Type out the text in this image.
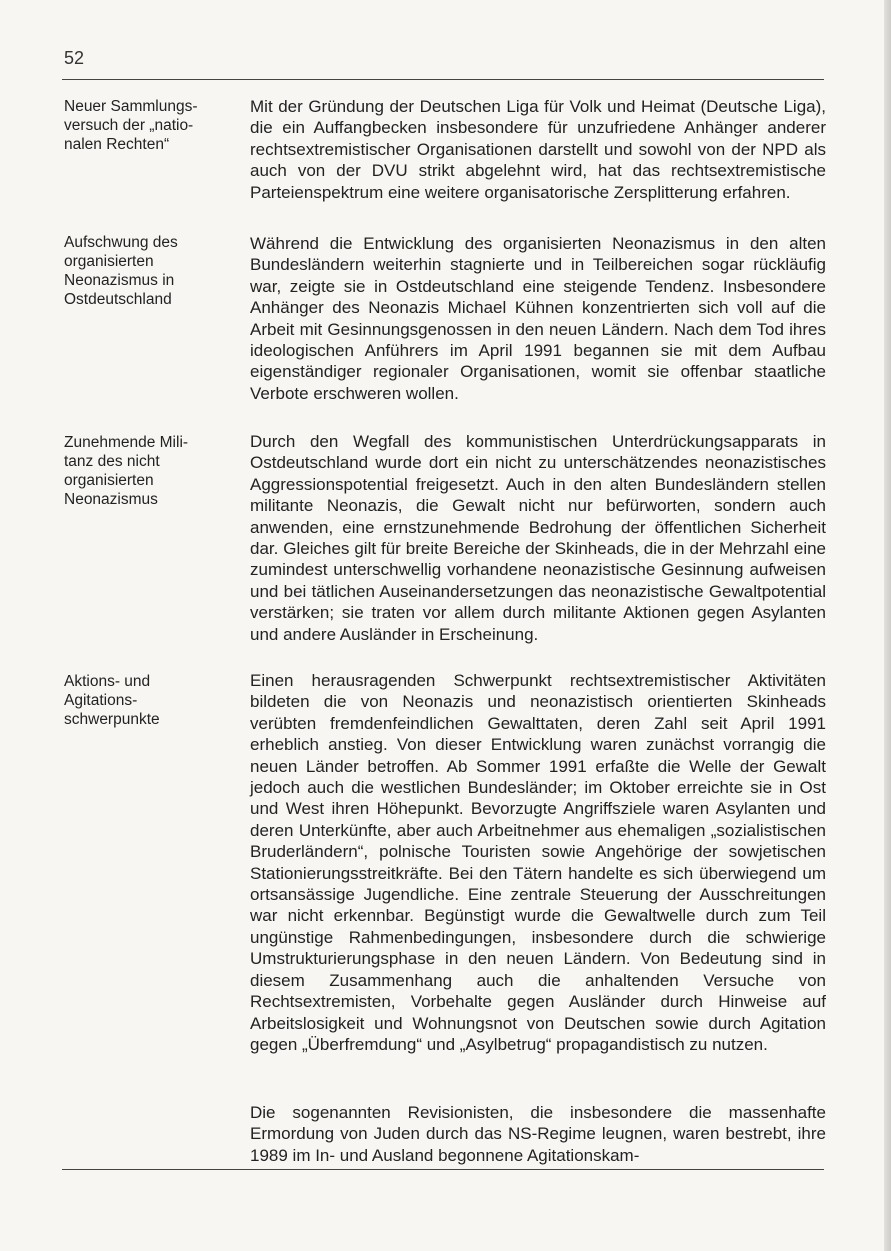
52
Neuer Sammlungs-
versuch der „natio-
nalen Rechten“

Mit der Gründung der Deutschen Liga für Volk und Heimat (Deutsche Liga), die ein Auffangbecken insbesondere für unzufriedene Anhänger anderer rechtsextremistischer Organisationen darstellt und sowohl von der NPD als auch von der DVU strikt abgelehnt wird, hat das rechtsextremistische Parteienspektrum eine weitere organisatorische Zersplitterung erfahren.

Aufschwung des
organisierten
Neonazismus in
Ostdeutschland

Während die Entwicklung des organisierten Neonazismus in den alten Bundesländern weiterhin stagnierte und in Teilbereichen sogar rückläufig war, zeigte sie in Ostdeutschland eine steigende Tendenz. Insbesondere Anhänger des Neonazis Michael Kühnen konzentrierten sich voll auf die Arbeit mit Gesinnungsgenossen in den neuen Ländern. Nach dem Tod ihres ideologischen Anführers im April 1991 begannen sie mit dem Aufbau eigenständiger regionaler Organisationen, womit sie offenbar staatliche Verbote erschweren wollen.

Zunehmende Mili-
tanz des nicht
organisierten
Neonazismus

Durch den Wegfall des kommunistischen Unterdrückungsapparats in Ostdeutschland wurde dort ein nicht zu unterschätzendes neonazistisches Aggressionspotential freigesetzt. Auch in den alten Bundesländern stellen militante Neonazis, die Gewalt nicht nur befürworten, sondern auch anwenden, eine ernstzunehmende Bedrohung der öffentlichen Sicherheit dar. Gleiches gilt für breite Bereiche der Skinheads, die in der Mehrzahl eine zumindest unterschwellig vorhandene neonazistische Gesinnung aufweisen und bei tätlichen Auseinandersetzungen das neonazistische Gewaltpotential verstärken; sie traten vor allem durch militante Aktionen gegen Asylanten und andere Ausländer in Erscheinung.

Aktions- und
Agitations-
schwerpunkte

Einen herausragenden Schwerpunkt rechtsextremistischer Aktivitäten bildeten die von Neonazis und neonazistisch orientierten Skinheads verübten fremdenfeindlichen Gewalttaten, deren Zahl seit April 1991 erheblich anstieg. Von dieser Entwicklung waren zunächst vorrangig die neuen Länder betroffen. Ab Sommer 1991 erfaßte die Welle der Gewalt jedoch auch die westlichen Bundesländer; im Oktober erreichte sie in Ost und West ihren Höhepunkt. Bevorzugte Angriffsziele waren Asylanten und deren Unterkünfte, aber auch Arbeitnehmer aus ehemaligen „sozialistischen Bruderländern“, polnische Touristen sowie Angehörige der sowjetischen Stationierungsstreitkräfte. Bei den Tätern handelte es sich überwiegend um ortsansässige Jugendliche. Eine zentrale Steuerung der Ausschreitungen war nicht erkennbar. Begünstigt wurde die Gewaltwelle durch zum Teil ungünstige Rahmenbedingungen, insbesondere durch die schwierige Umstrukturierungsphase in den neuen Ländern. Von Bedeutung sind in diesem Zusammenhang auch die anhaltenden Versuche von Rechtsextremisten, Vorbehalte gegen Ausländer durch Hinweise auf Arbeitslosigkeit und Wohnungsnot von Deutschen sowie durch Agitation gegen „Überfremdung“ und „Asylbetrug“ propagandistisch zu nutzen.

Die sogenannten Revisionisten, die insbesondere die massenhafte Ermordung von Juden durch das NS-Regime leugnen, waren bestrebt, ihre 1989 im In- und Ausland begonnene Agitationskam-
